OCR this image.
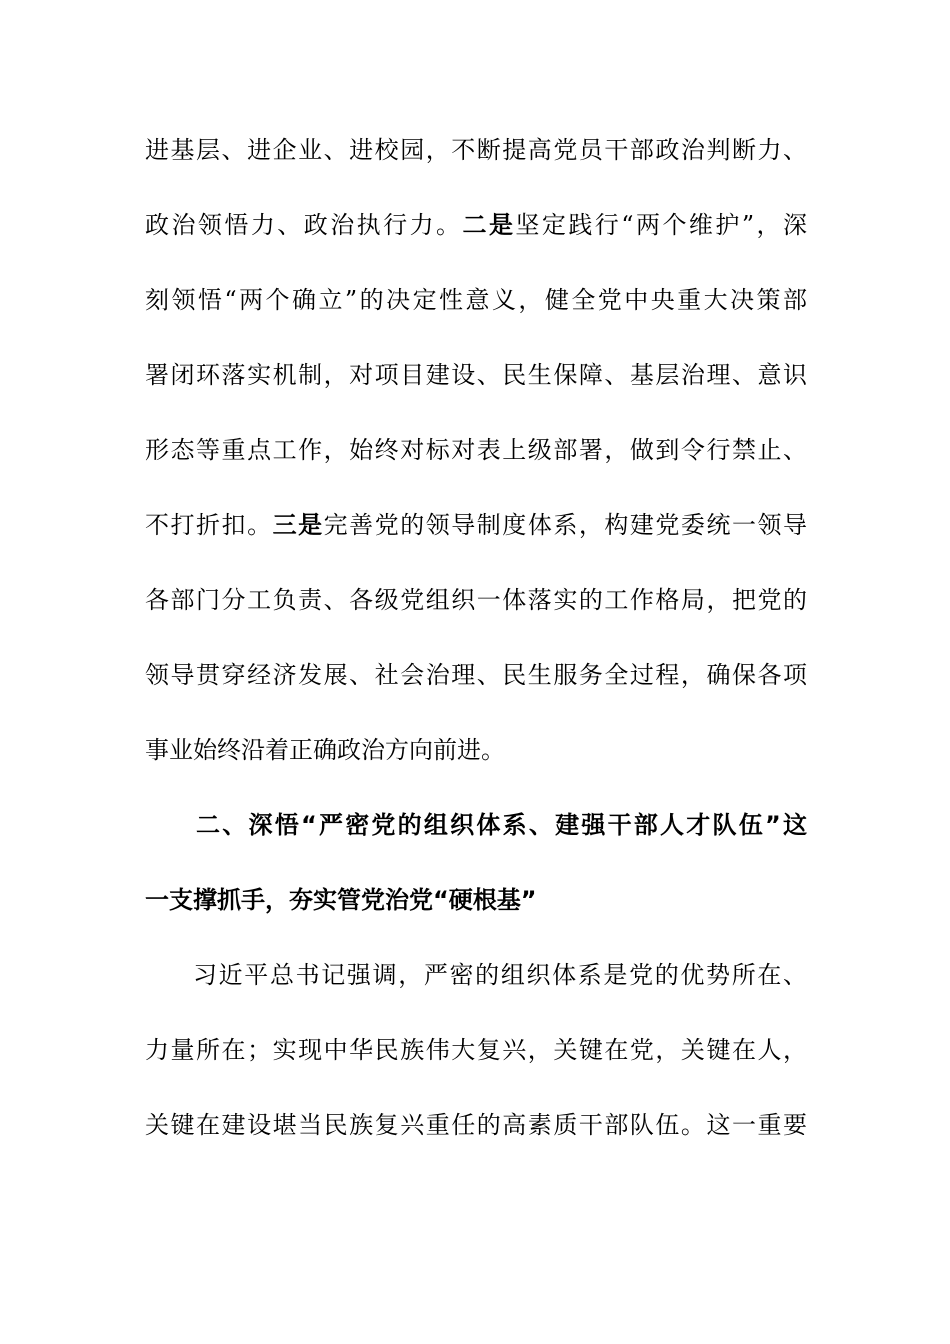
进基层、进企业、进校园，不断提高党员干部政治判断力、
政治领悟力、政治执行力。二是坚定践行“两个维护”，深
刻领悟“两个确立”的决定性意义，健全党中央重大决策部
署闭环落实机制，对项目建设、民生保障、基层治理、意识
形态等重点工作，始终对标对表上级部署，做到令行禁止、
不打折扣。三是完善党的领导制度体系，构建党委统一领导
各部门分工负责、各级党组织一体落实的工作格局，把党的
领导贯穿经济发展、社会治理、民生服务全过程，确保各项
事业始终沿着正确政治方向前进。
二、深悟“严密党的组织体系、建强干部人才队伍”这
一支撑抓手，夯实管党治党“硬根基”
习近平总书记强调，严密的组织体系是党的优势所在、
力量所在；实现中华民族伟大复兴，关键在党，关键在人，
关键在建设堪当民族复兴重任的高素质干部队伍。这一重要
